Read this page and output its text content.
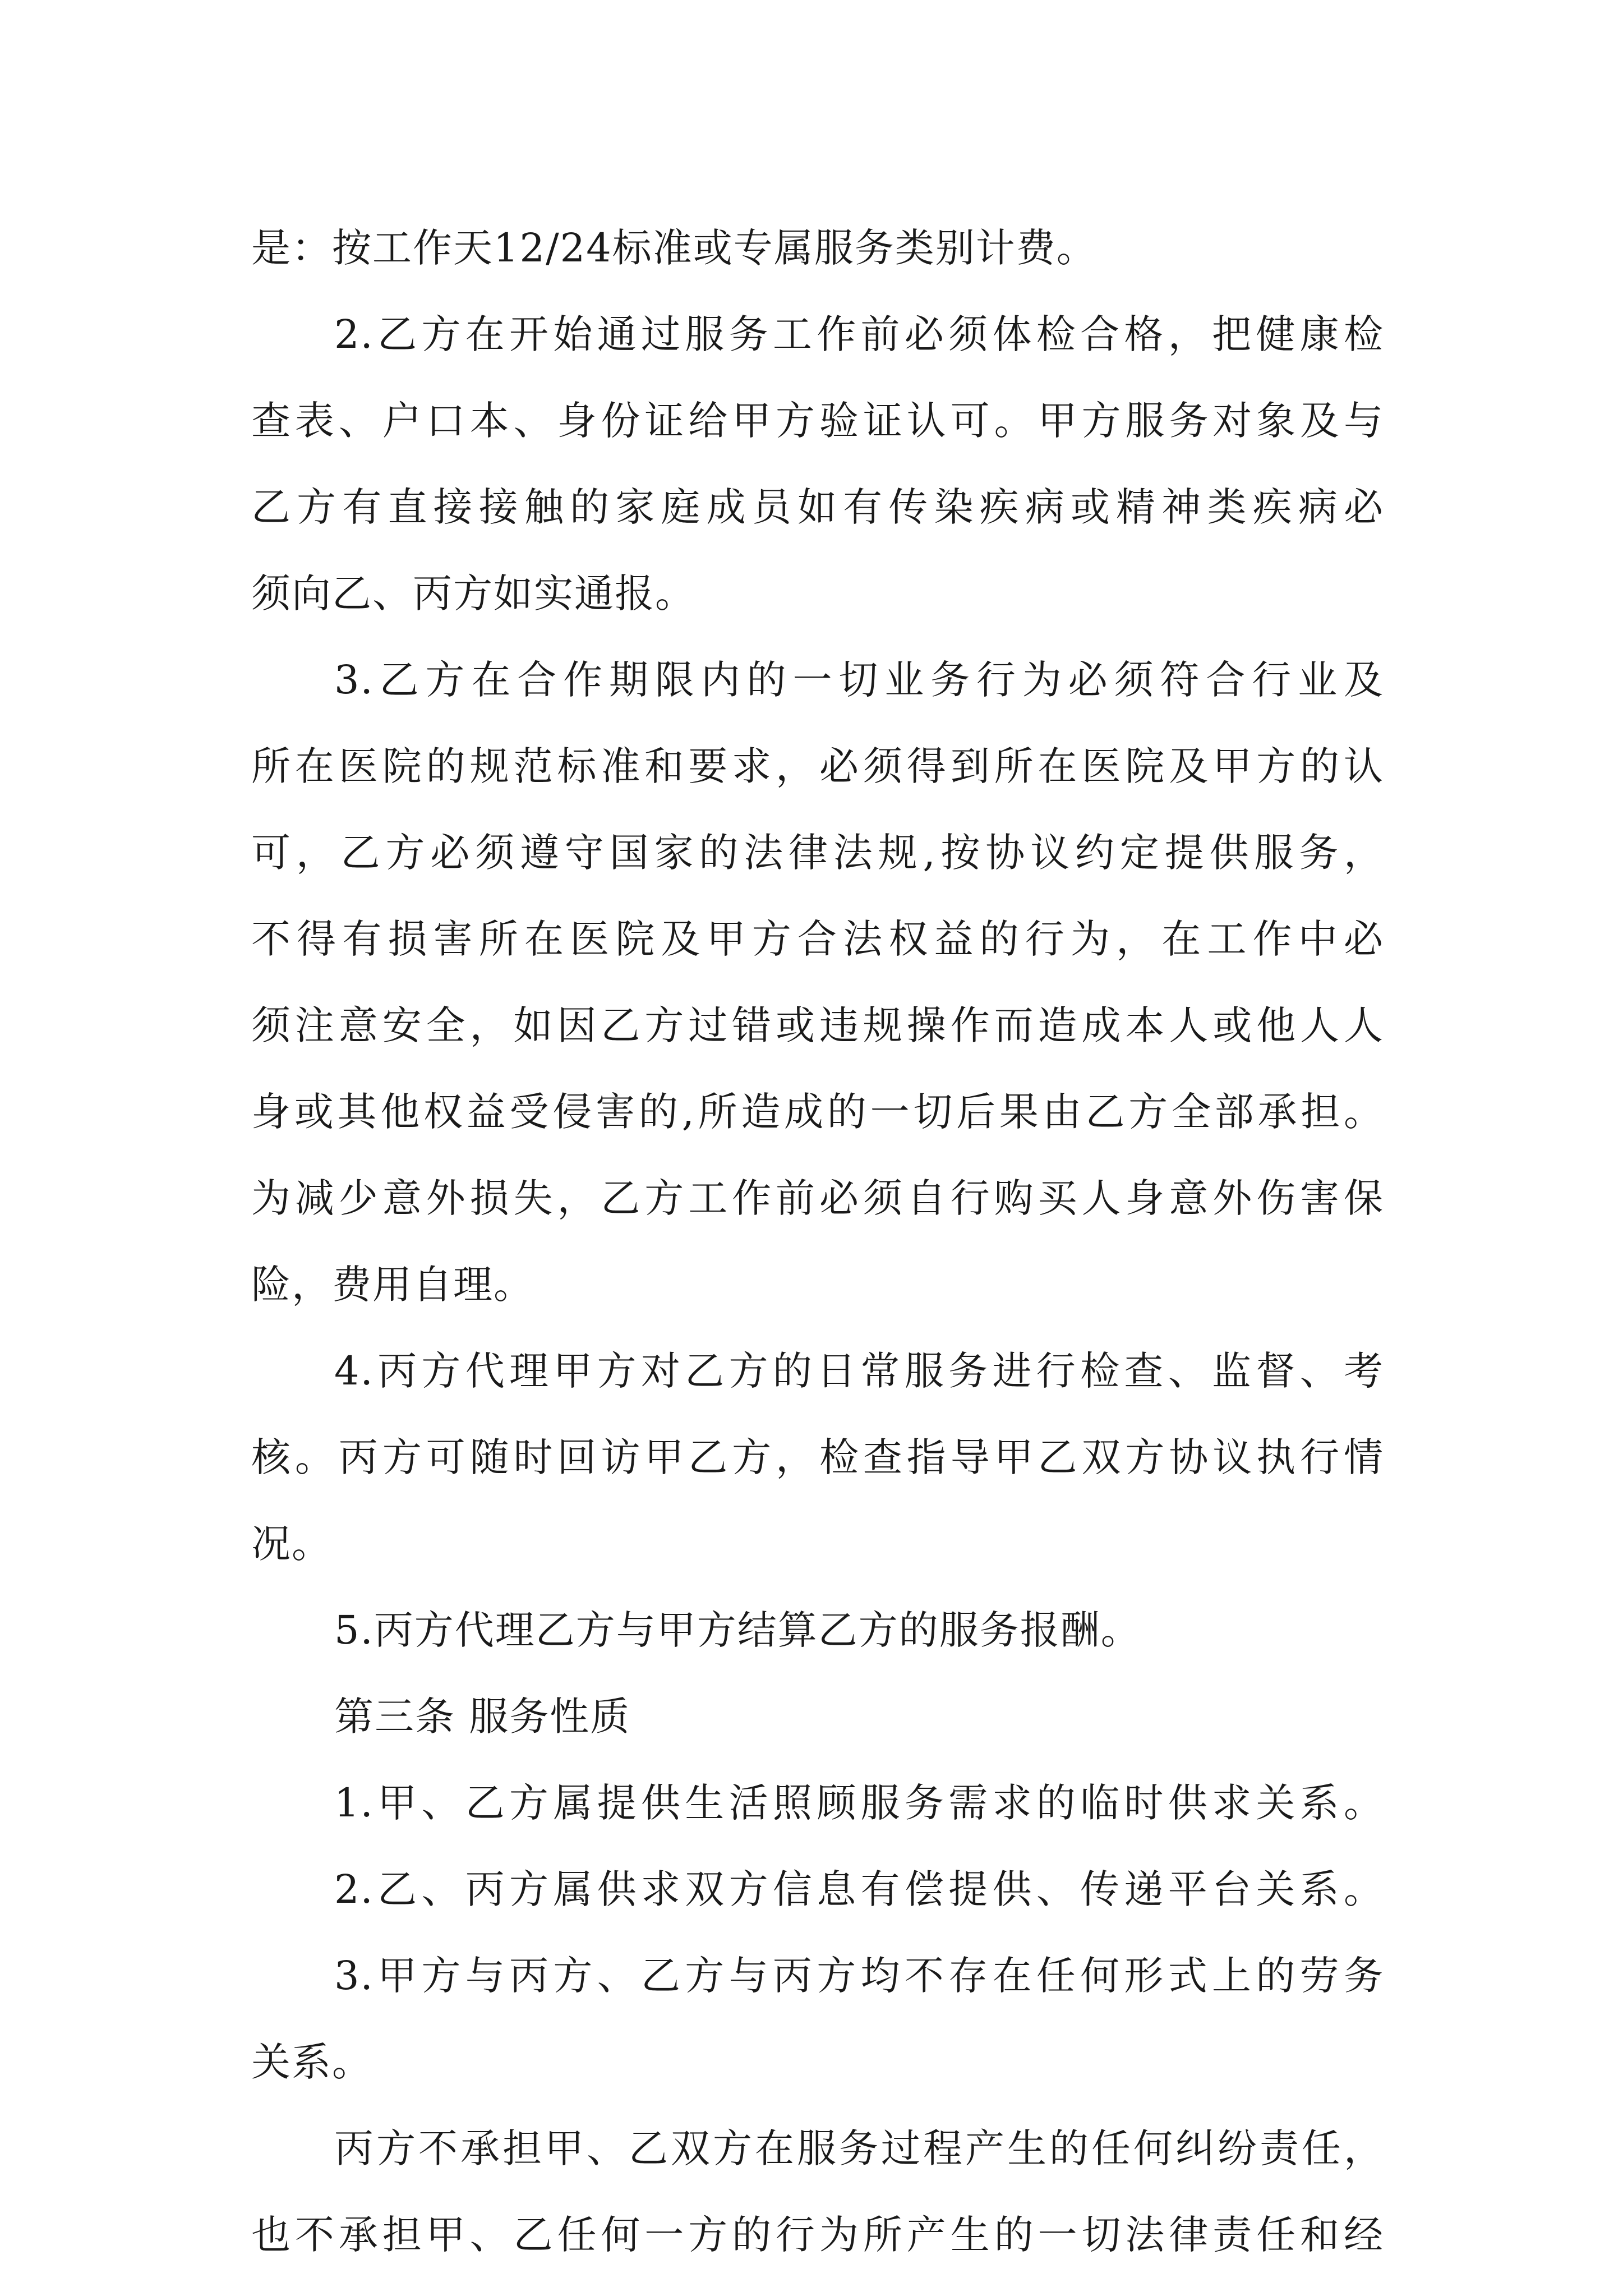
是：按工作天12/24标准或专属服务类别计费。
2.乙方在开始通过服务工作前必须体检合格，把健康检
查表、户口本、身份证给甲方验证认可。甲方服务对象及与
乙方有直接接触的家庭成员如有传染疾病或精神类疾病必
须向乙、丙方如实通报。
3.乙方在合作期限内的一切业务行为必须符合行业及
所在医院的规范标准和要求，必须得到所在医院及甲方的认
可，乙方必须遵守国家的法律法规,按协议约定提供服务，
不得有损害所在医院及甲方合法权益的行为，在工作中必
须注意安全，如因乙方过错或违规操作而造成本人或他人人
身或其他权益受侵害的,所造成的一切后果由乙方全部承担。
为减少意外损失，乙方工作前必须自行购买人身意外伤害保
险，费用自理。
4.丙方代理甲方对乙方的日常服务进行检查、监督、考
核。丙方可随时回访甲乙方，检查指导甲乙双方协议执行情
况。
5.丙方代理乙方与甲方结算乙方的服务报酬。
第三条 服务性质
1.甲、乙方属提供生活照顾服务需求的临时供求关系。
2.乙、丙方属供求双方信息有偿提供、传递平台关系。
3.甲方与丙方、乙方与丙方均不存在任何形式上的劳务
关系。
丙方不承担甲、乙双方在服务过程产生的任何纠纷责任，
也不承担甲、乙任何一方的行为所产生的一切法律责任和经
